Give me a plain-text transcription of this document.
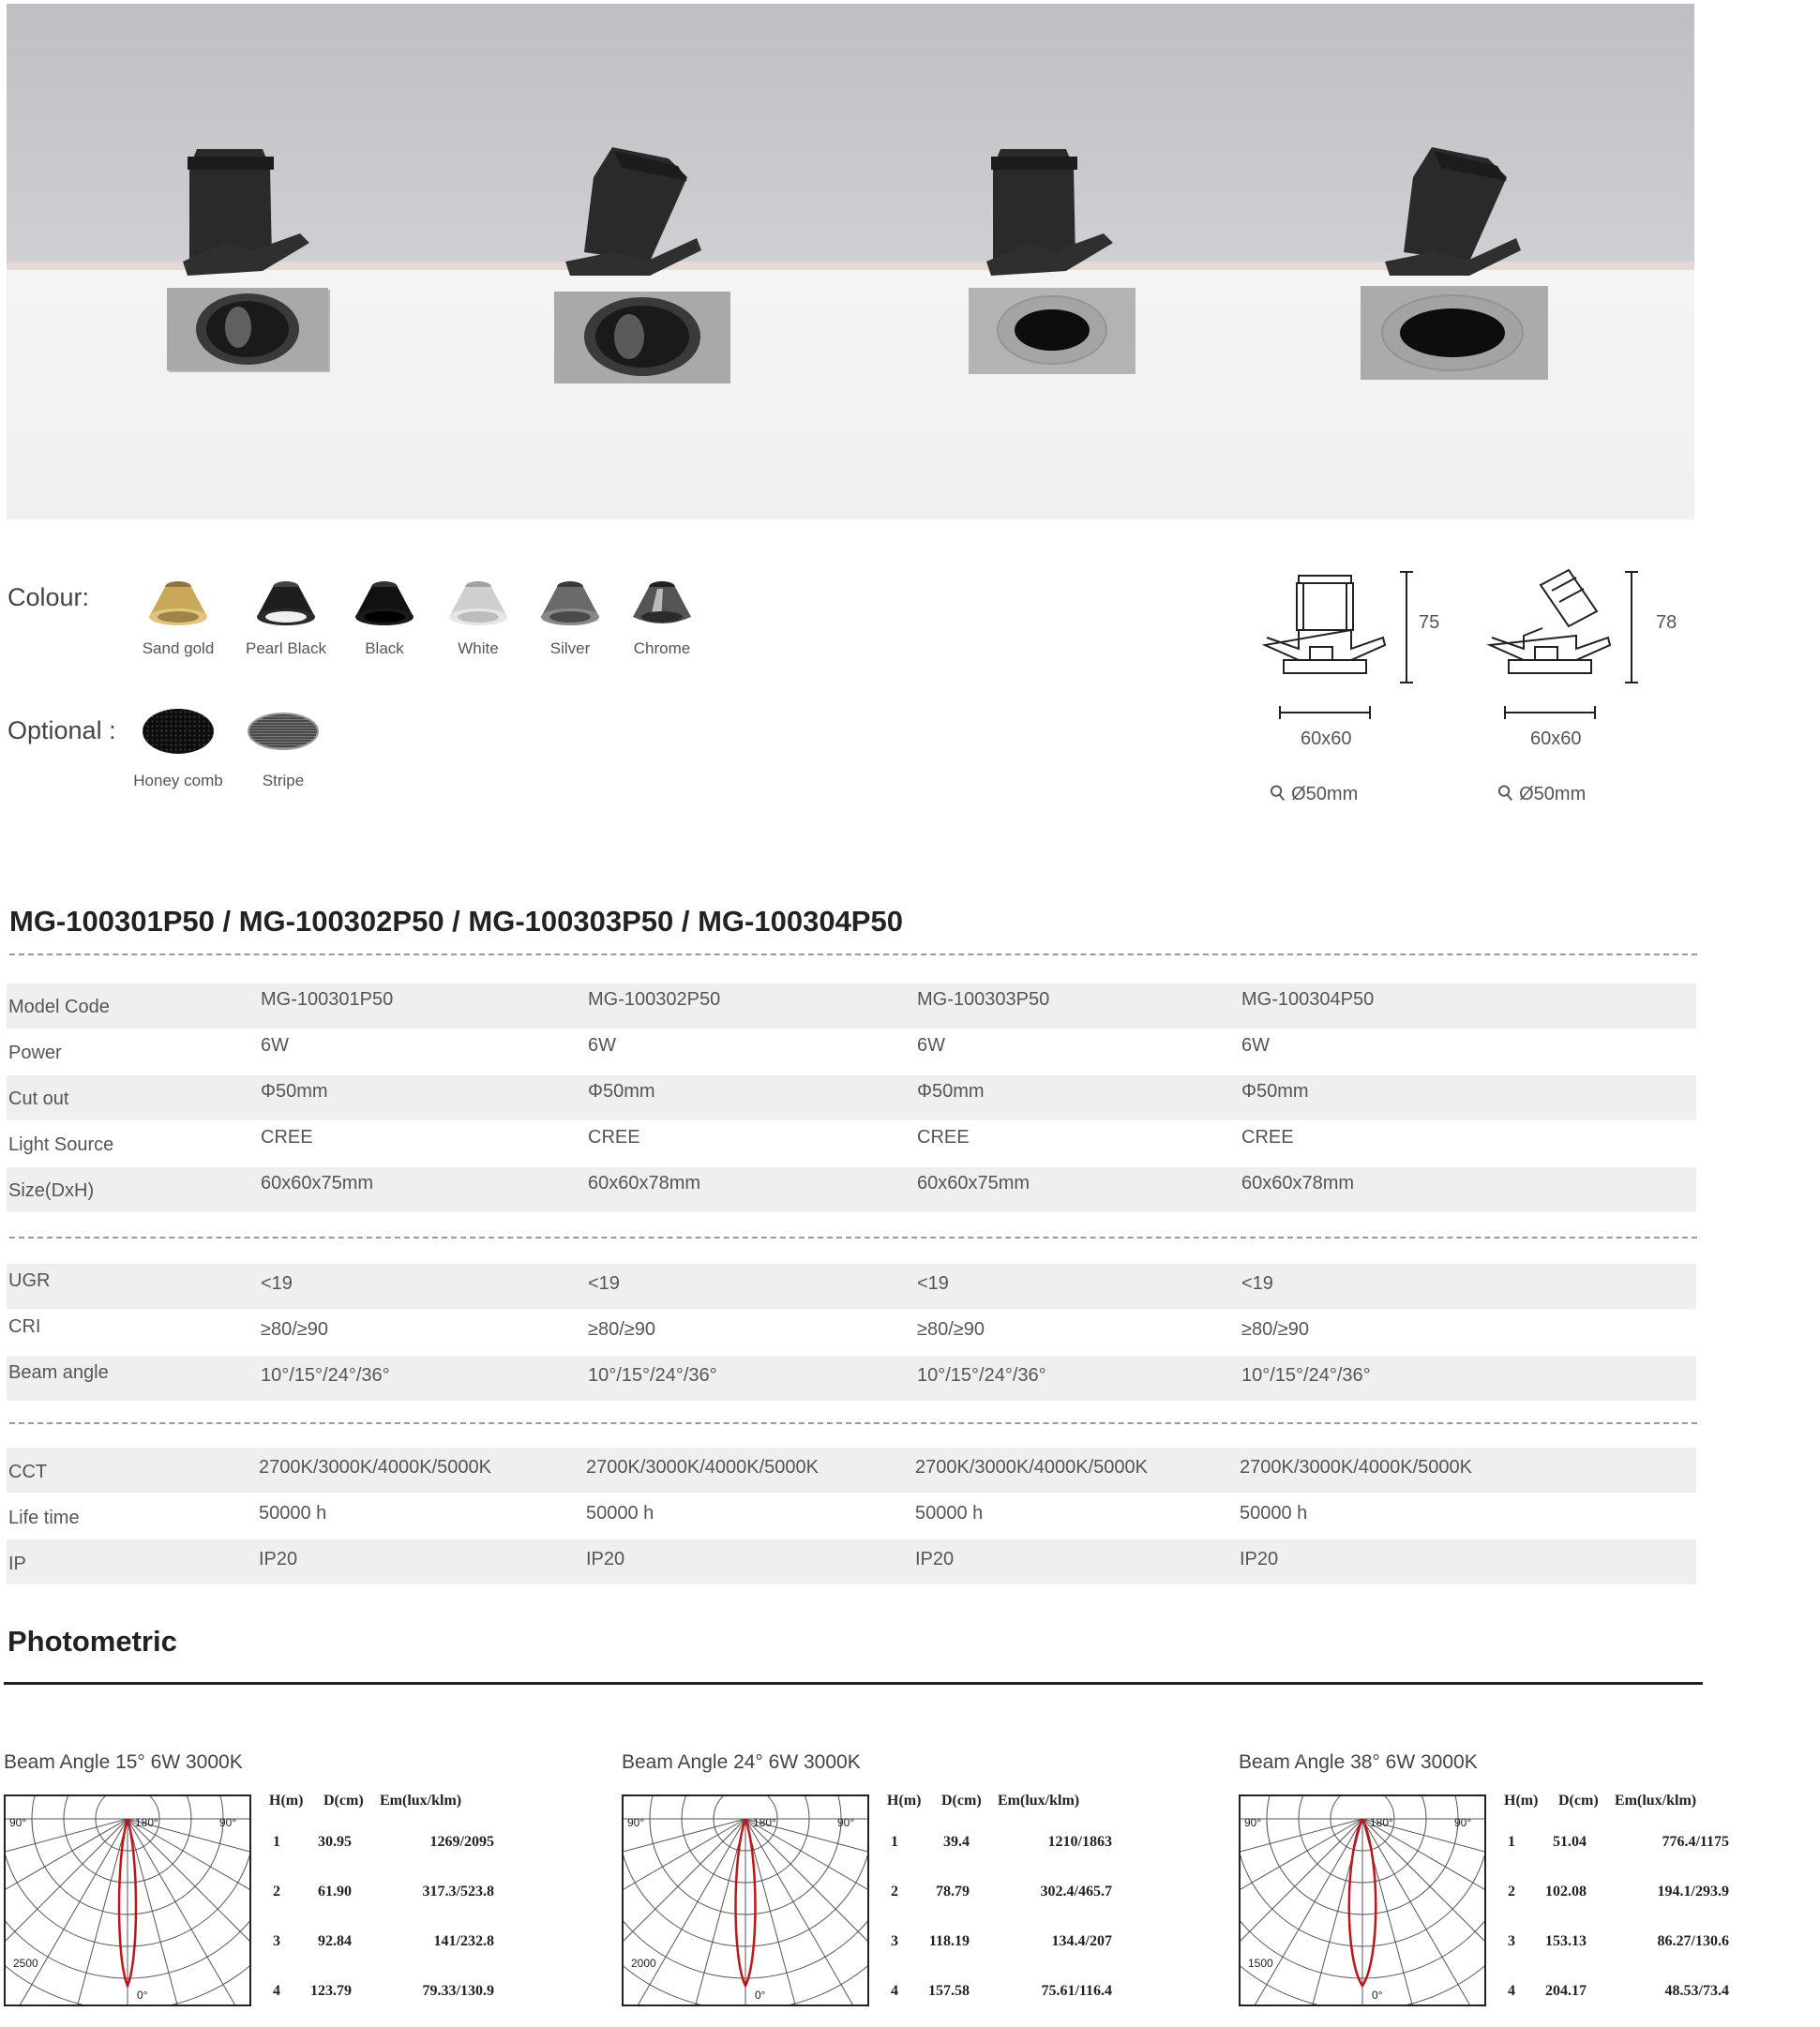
Colour:
Sand gold	Pearl Black	Black	White	Silver	Chrome
Optional :
Honey comb	Stripe
75
60x60
⚲Ø50mm
78
60x60
⚲Ø50mm
MG-100301P50 / MG-100302P50 / MG-100303P50 / MG-100304P50
Model Code	MG-100301P50	MG-100302P50	MG-100303P50	MG-100304P50
Power	6W	6W	6W	6W
Cut out	Φ50mm	Φ50mm	Φ50mm	Φ50mm
Light Source	CREE	CREE	CREE	CREE
Size(DxH)	60x60x75mm	60x60x78mm	60x60x75mm	60x60x78mm
UGR	<19	<19	<19	<19
CRI	≥80/≥90	≥80/≥90	≥80/≥90	≥80/≥90
Beam angle	10°/15°/24°/36°	10°/15°/24°/36°	10°/15°/24°/36°	10°/15°/24°/36°
CCT	2700K/3000K/4000K/5000K	2700K/3000K/4000K/5000K	2700K/3000K/4000K/5000K	2700K/3000K/4000K/5000K
Life time	50000 h	50000 h	50000 h	50000 h
IP	IP20	IP20	IP20	IP20
Photometric
Beam Angle 15° 6W 3000K
90°	180°	90°
0°
2500
H(m) D(cm) Em(lux/klm)
1	30.95	1269/2095
2	61.90	317.3/523.8
3	92.84	141/232.8
4 123.79	79.33/130.9
Beam Angle 24° 6W 3000K
90°	180°	90°
0°
2000
H(m) D(cm) Em(lux/klm)
1	39.4	1210/1863
2	78.79	302.4/465.7
3 118.19	134.4/207
4 157.58	75.61/116.4
Beam Angle 38° 6W 3000K
90°	180°	90°
0°
1500
H(m) D(cm) Em(lux/klm)
1	51.04	776.4/1175
2 102.08	194.1/293.9
3 153.13	86.27/130.6
4 204.17	48.53/73.4
